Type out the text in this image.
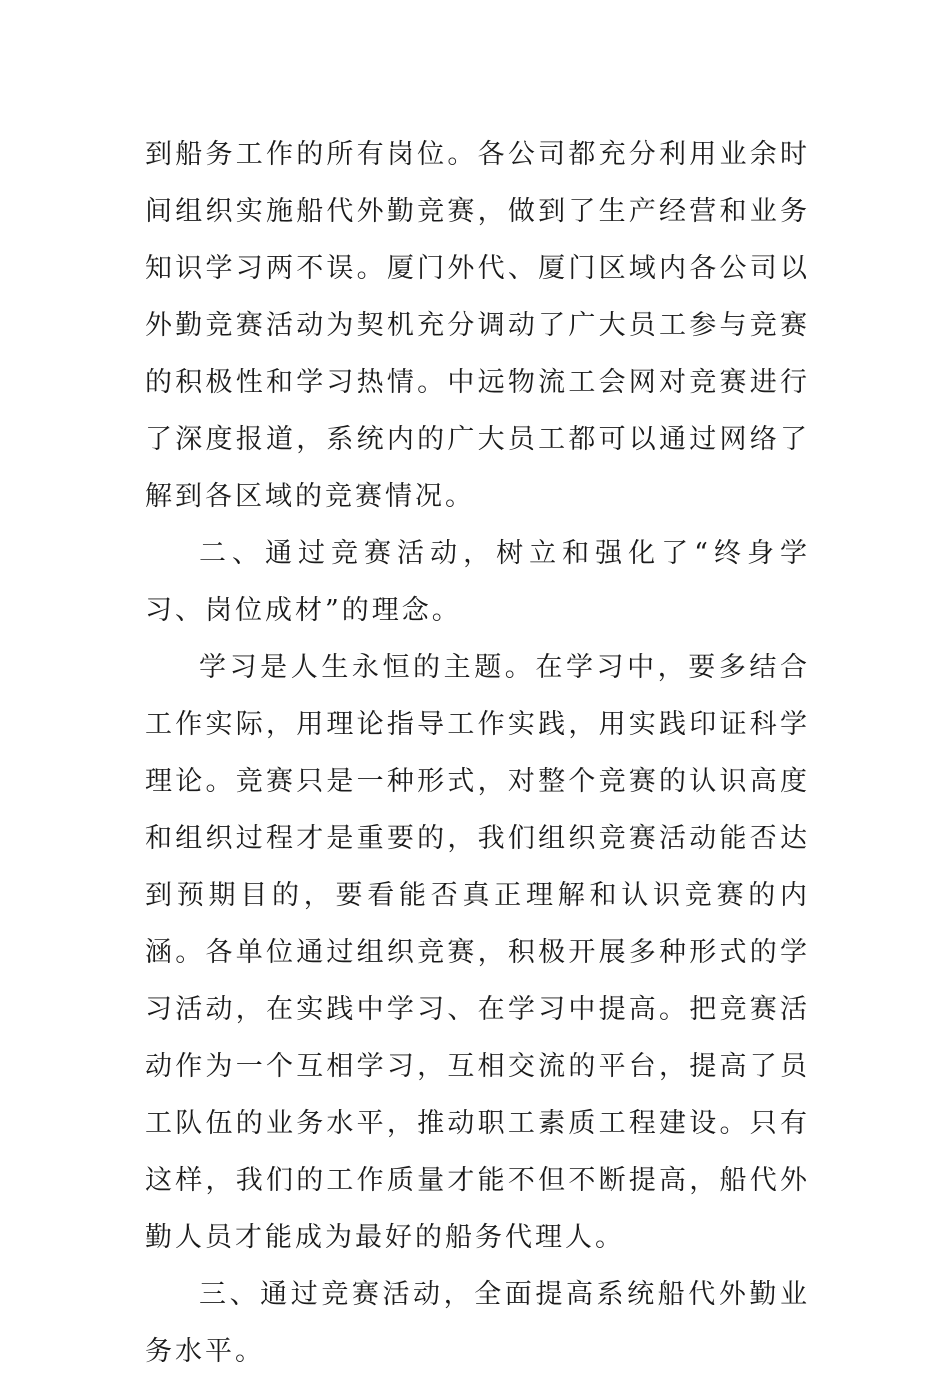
到船务工作的所有岗位。各公司都充分利用业余时间组织实施船代外勤竞赛，做到了生产经营和业务知识学习两不误。厦门外代、厦门区域内各公司以外勤竞赛活动为契机充分调动了广大员工参与竞赛的积极性和学习热情。中远物流工会网对竞赛进行了深度报道，系统内的广大员工都可以通过网络了解到各区域的竞赛情况。

二、通过竞赛活动，树立和强化了“终身学习、岗位成材”的理念。

学习是人生永恒的主题。在学习中，要多结合工作实际，用理论指导工作实践，用实践印证科学理论。竞赛只是一种形式，对整个竞赛的认识高度和组织过程才是重要的，我们组织竞赛活动能否达到预期目的，要看能否真正理解和认识竞赛的内涵。各单位通过组织竞赛，积极开展多种形式的学习活动，在实践中学习、在学习中提高。把竞赛活动作为一个互相学习，互相交流的平台，提高了员工队伍的业务水平，推动职工素质工程建设。只有这样，我们的工作质量才能不但不断提高，船代外勤人员才能成为最好的船务代理人。

三、通过竞赛活动，全面提高系统船代外勤业务水平。
